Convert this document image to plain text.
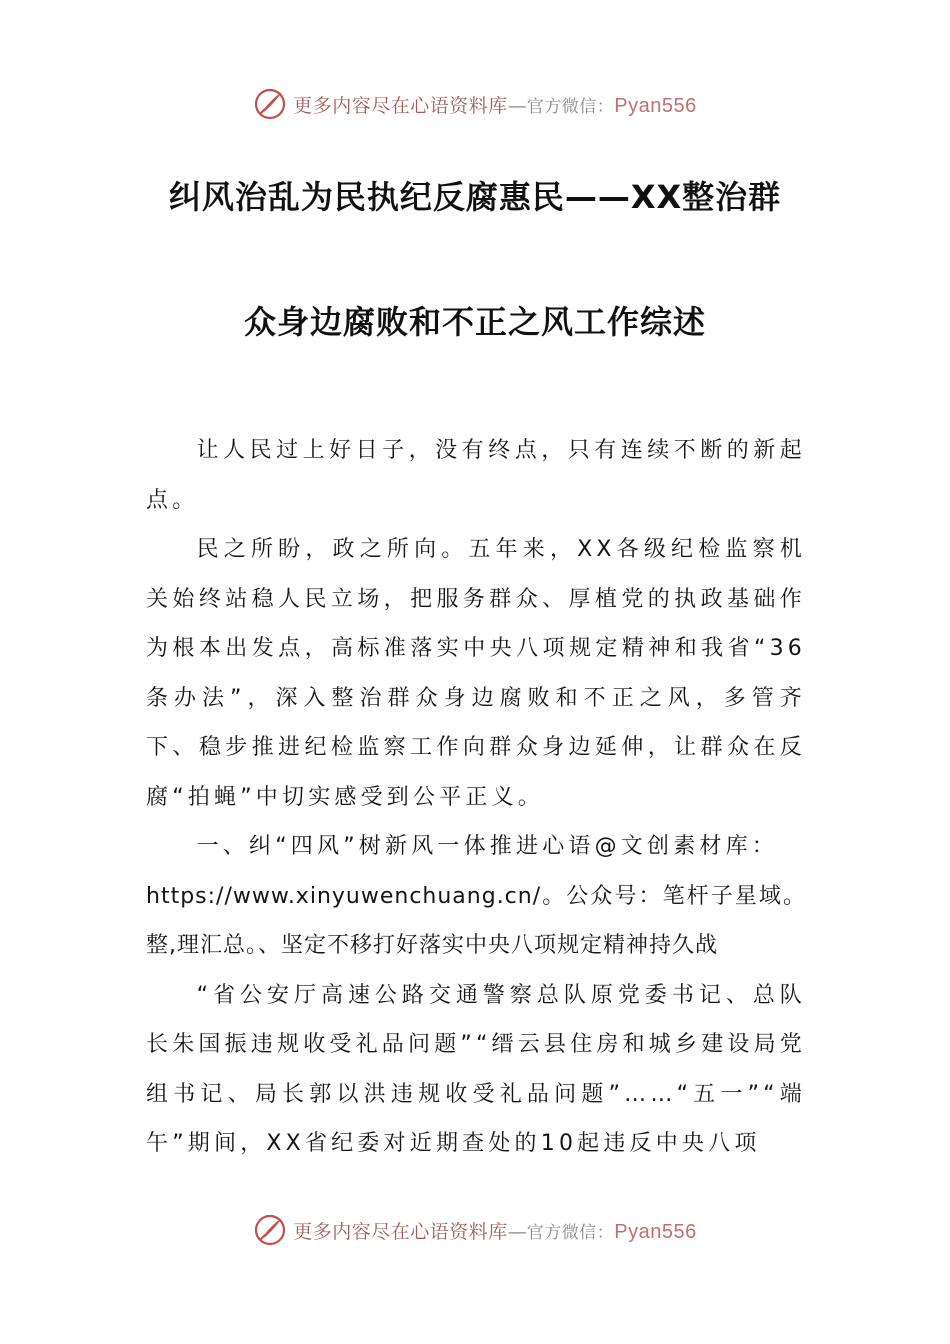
更多内容尽在心语资料库—官方微信：Pyan556
纠风治乱为民执纪反腐惠民——XX整治群
众身边腐败和不正之风工作综述

让人民过上好日子，没有终点，只有连续不断的新起点。

民之所盼，政之所向。五年来，XX各级纪检监察机关始终站稳人民立场，把服务群众、厚植党的执政基础作为根本出发点，高标准落实中央八项规定精神和我省“36条办法”，深入整治群众身边腐败和不正之风，多管齐下、稳步推进纪检监察工作向群众身边延伸，让群众在反腐“拍蝇”中切实感受到公平正义。

一、纠“四风”树新风一体推进心语@文创素材库：

https://www.xinyuwenchuang.cn/。公众号：笔杆子星域。整,理汇总。、坚定不移打好落实中央八项规定精神持久战

“省公安厅高速公路交通警察总队原党委书记、总队长朱国振违规收受礼品问题”“缙云县住房和城乡建设局党组书记、局长郭以洪违规收受礼品问题”……“五一”“端午”期间，XX省纪委对近期查处的10起违反中央八项

更多内容尽在心语资料库—官方微信：Pyan556
